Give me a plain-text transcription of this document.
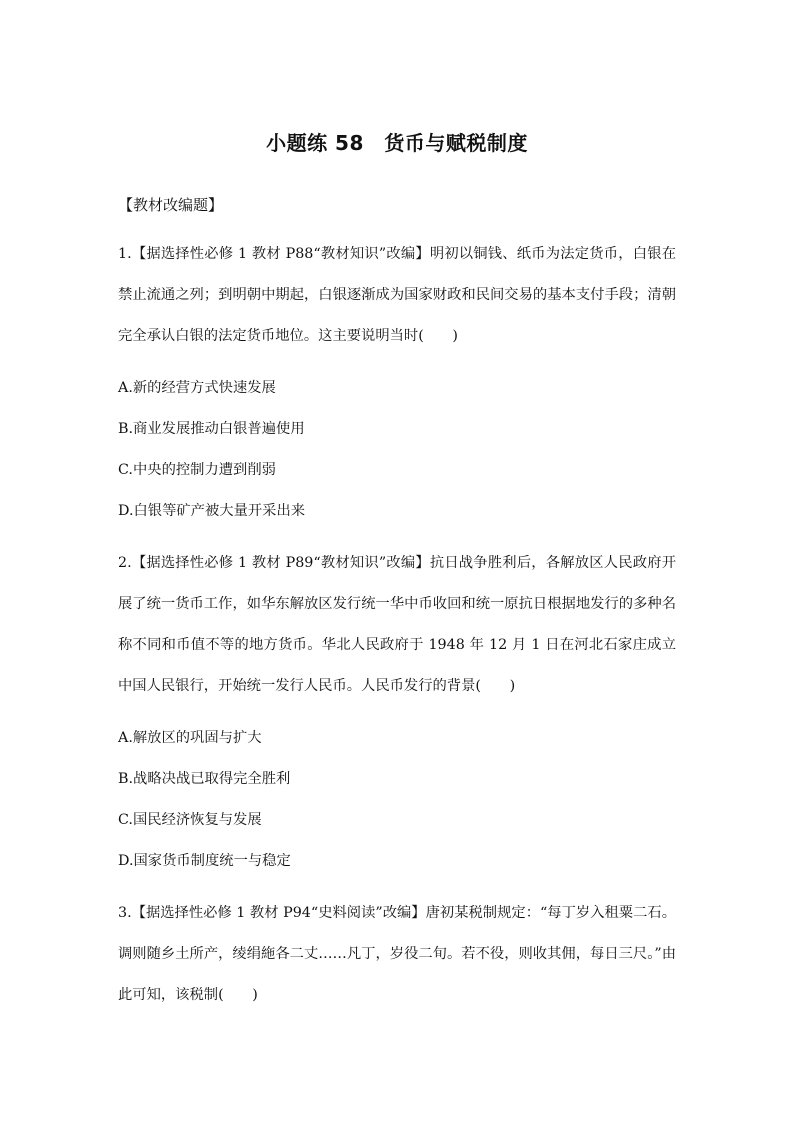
小题练 58　货币与赋税制度
【教材改编题】

1.【据选择性必修 1 教材 P88“教材知识”改编】明初以铜钱、纸币为法定货币，白银在禁止流通之列；到明朝中期起，白银逐渐成为国家财政和民间交易的基本支付手段；清朝完全承认白银的法定货币地位。这主要说明当时(　　)

A.新的经营方式快速发展

B.商业发展推动白银普遍使用

C.中央的控制力遭到削弱

D.白银等矿产被大量开采出来

2.【据选择性必修 1 教材 P89“教材知识”改编】抗日战争胜利后，各解放区人民政府开展了统一货币工作，如华东解放区发行统一华中币收回和统一原抗日根据地发行的多种名称不同和币值不等的地方货币。华北人民政府于 1948 年 12 月 1 日在河北石家庄成立中国人民银行，开始统一发行人民币。人民币发行的背景(　　)

A.解放区的巩固与扩大

B.战略决战已取得完全胜利

C.国民经济恢复与发展

D.国家货币制度统一与稳定

3.【据选择性必修 1 教材 P94“史料阅读”改编】唐初某税制规定：“每丁岁入租粟二石。调则随乡土所产，绫绢絁各二丈……凡丁，岁役二旬。若不役，则收其佣，每日三尺。”由此可知，该税制(　　)
